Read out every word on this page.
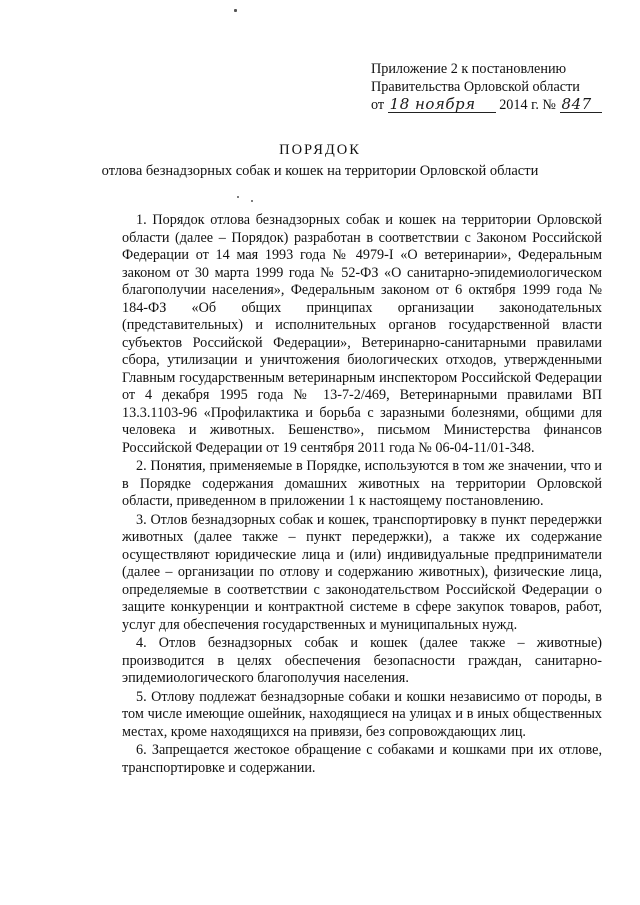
Приложение 2 к постановлению
Правительства Орловской области
от 18 ноября 2014 г. № 847
ПОРЯДОК
отлова безнадзорных собак и кошек на территории Орловской области

1. Порядок отлова безнадзорных собак и кошек на территории Орловской области (далее – Порядок) разработан в соответствии с Законом Российской Федерации от 14 мая 1993 года № 4979-I «О ветеринарии», Федеральным законом от 30 марта 1999 года № 52-ФЗ «О санитарно-эпидемиологическом благополучии населения», Федеральным законом от 6 октября 1999 года № 184-ФЗ «Об общих принципах организации законодательных (представительных) и исполнительных органов государственной власти субъектов Российской Федерации», Ветеринарно-санитарными правилами сбора, утилизации и уничтожения биологических отходов, утвержденными Главным государственным ветеринарным инспектором Российской Федерации от 4 декабря 1995 года № 13-7-2/469, Ветеринарными правилами ВП 13.3.1103-96 «Профилактика и борьба с заразными болезнями, общими для человека и животных. Бешенство», письмом Министерства финансов Российской Федерации от 19 сентября 2011 года № 06-04-11/01-348.

2. Понятия, применяемые в Порядке, используются в том же значении, что и в Порядке содержания домашних животных на территории Орловской области, приведенном в приложении 1 к настоящему постановлению.

3. Отлов безнадзорных собак и кошек, транспортировку в пункт передержки животных (далее также – пункт передержки), а также их содержание осуществляют юридические лица и (или) индивидуальные предприниматели (далее – организации по отлову и содержанию животных), физические лица, определяемые в соответствии с законодательством Российской Федерации о защите конкуренции и контрактной системе в сфере закупок товаров, работ, услуг для обеспечения государственных и муниципальных нужд.

4. Отлов безнадзорных собак и кошек (далее также – животные) производится в целях обеспечения безопасности граждан, санитарно-эпидемиологического благополучия населения.

5. Отлову подлежат безнадзорные собаки и кошки независимо от породы, в том числе имеющие ошейник, находящиеся на улицах и в иных общественных местах, кроме находящихся на привязи, без сопровождающих лиц.

6. Запрещается жестокое обращение с собаками и кошками при их отлове, транспортировке и содержании.
